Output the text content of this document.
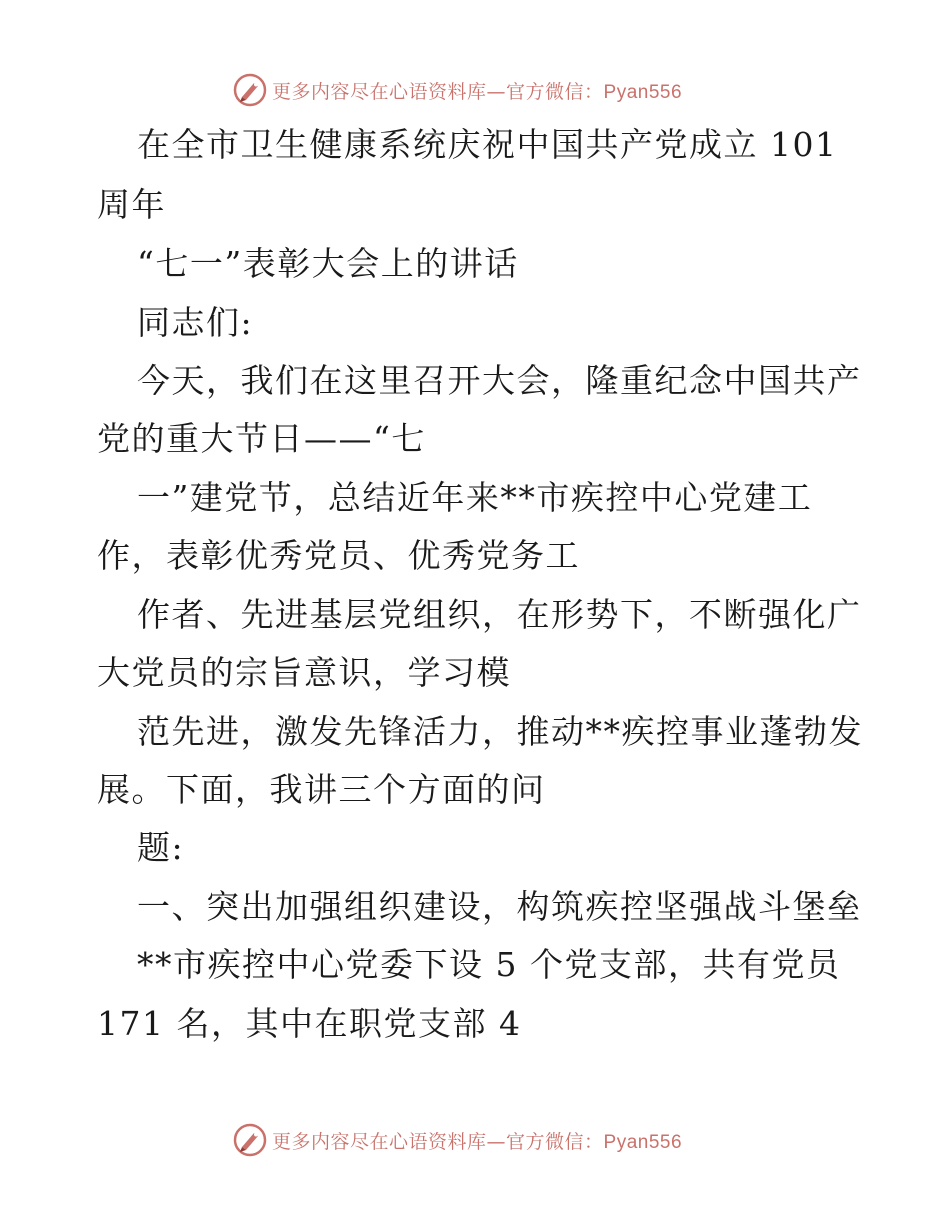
更多内容尽在心语资料库—官方微信：Pyan556
在全市卫生健康系统庆祝中国共产党成立 101
周年
“七一”表彰大会上的讲话
同志们:
今天，我们在这里召开大会，隆重纪念中国共产
党的重大节日——“七
一”建党节，总结近年来**市疾控中心党建工
作，表彰优秀党员、优秀党务工
作者、先进基层党组织，在形势下，不断强化广
大党员的宗旨意识，学习模
范先进，激发先锋活力，推动**疾控事业蓬勃发
展。下面，我讲三个方面的问
题:
一、突出加强组织建设，构筑疾控坚强战斗堡垒
**市疾控中心党委下设 5 个党支部，共有党员
171 名，其中在职党支部 4
更多内容尽在心语资料库—官方微信：Pyan556
